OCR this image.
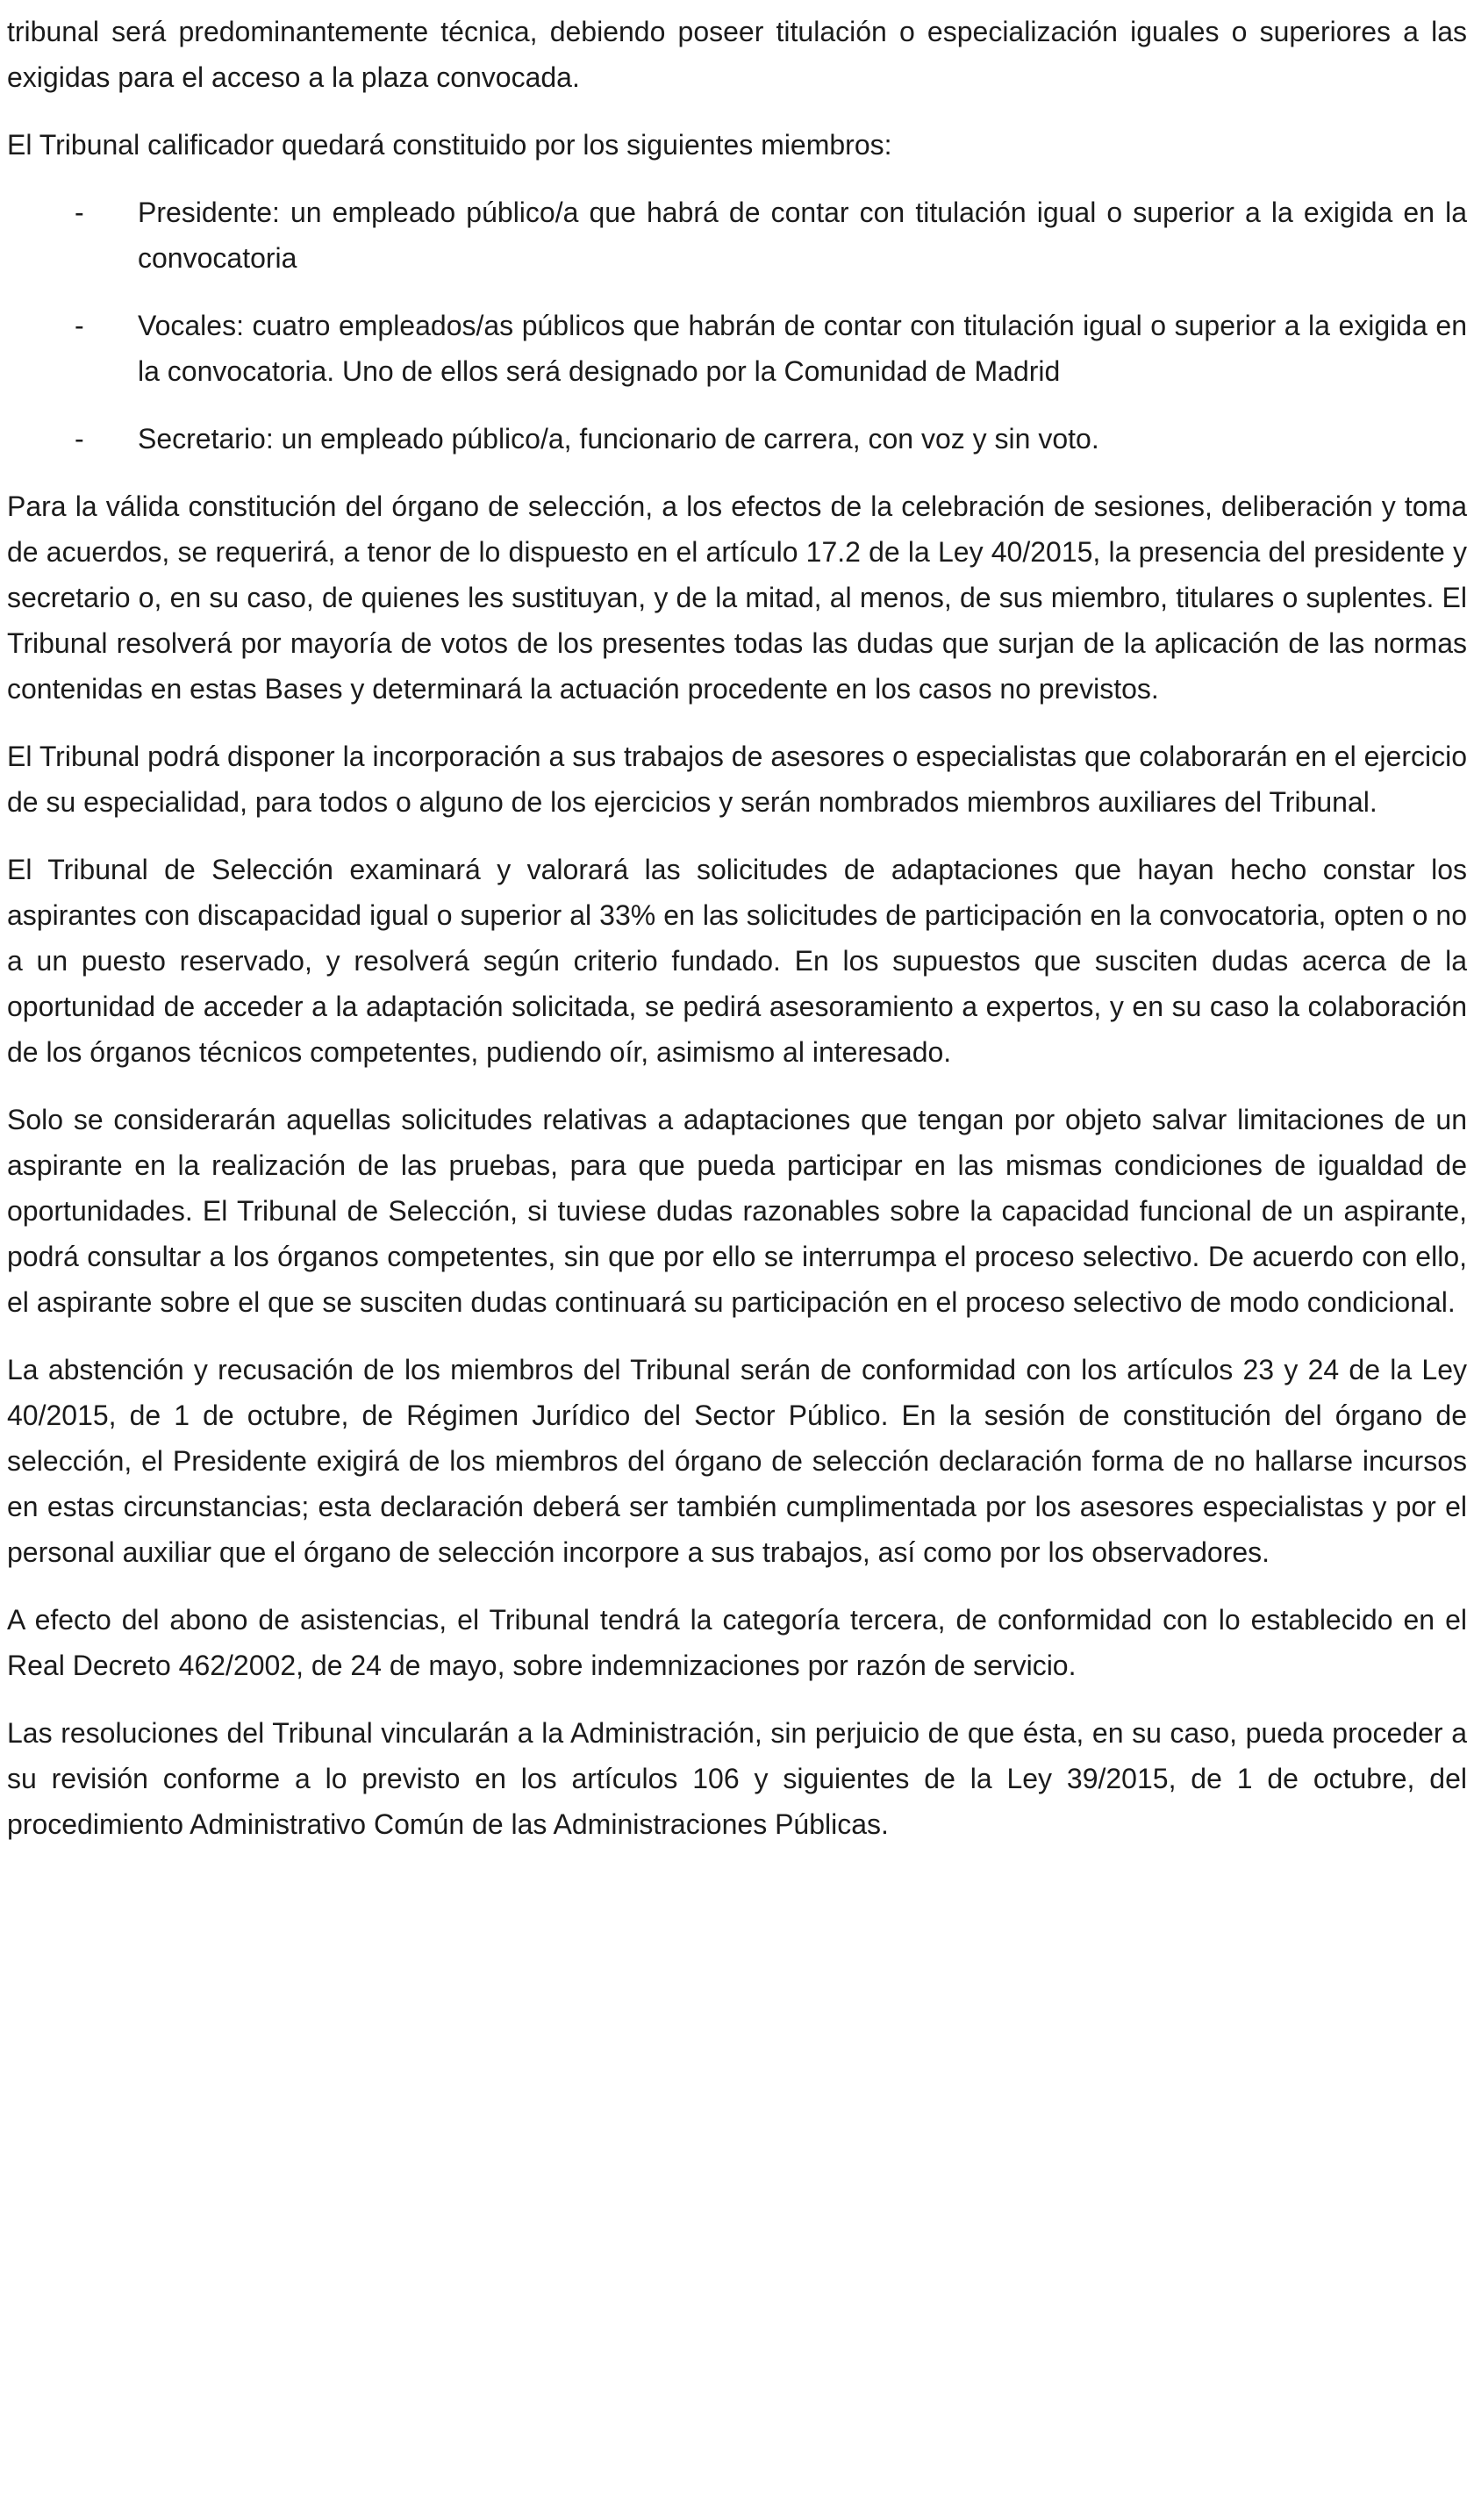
tribunal será predominantemente técnica, debiendo poseer titulación o especialización iguales o superiores a las exigidas para el acceso a la plaza convocada.

El Tribunal calificador quedará constituido por los siguientes miembros:

- Presidente: un empleado público/a que habrá de contar con titulación igual o superior a la exigida en la convocatoria
- Vocales: cuatro empleados/as públicos que habrán de contar con titulación igual o superior a la exigida en la convocatoria. Uno de ellos será designado por la Comunidad de Madrid
- Secretario: un empleado público/a, funcionario de carrera, con voz y sin voto.

Para la válida constitución del órgano de selección, a los efectos de la celebración de sesiones, deliberación y toma de acuerdos, se requerirá, a tenor de lo dispuesto en el artículo 17.2 de la Ley 40/2015, la presencia del presidente y secretario o, en su caso, de quienes les sustituyan, y de la mitad, al menos, de sus miembro, titulares o suplentes. El Tribunal resolverá por mayoría de votos de los presentes todas las dudas que surjan de la aplicación de las normas contenidas en estas Bases y determinará la actuación procedente en los casos no previstos.

El Tribunal podrá disponer la incorporación a sus trabajos de asesores o especialistas que colaborarán en el ejercicio de su especialidad, para todos o alguno de los ejercicios y serán nombrados miembros auxiliares del Tribunal.

El Tribunal de Selección examinará y valorará las solicitudes de adaptaciones que hayan hecho constar los aspirantes con discapacidad igual o superior al 33% en las solicitudes de participación en la convocatoria, opten o no a un puesto reservado, y resolverá según criterio fundado. En los supuestos que susciten dudas acerca de la oportunidad de acceder a la adaptación solicitada, se pedirá asesoramiento a expertos, y en su caso la colaboración de los órganos técnicos competentes, pudiendo oír, asimismo al interesado.

Solo se considerarán aquellas solicitudes relativas a adaptaciones que tengan por objeto salvar limitaciones de un aspirante en la realización de las pruebas, para que pueda participar en las mismas condiciones de igualdad de oportunidades. El Tribunal de Selección, si tuviese dudas razonables sobre la capacidad funcional de un aspirante, podrá consultar a los órganos competentes, sin que por ello se interrumpa el proceso selectivo. De acuerdo con ello, el aspirante sobre el que se susciten dudas continuará su participación en el proceso selectivo de modo condicional.

La abstención y recusación de los miembros del Tribunal serán de conformidad con los artículos 23 y 24 de la Ley 40/2015, de 1 de octubre, de Régimen Jurídico del Sector Público. En la sesión de constitución del órgano de selección, el Presidente exigirá de los miembros del órgano de selección declaración forma de no hallarse incursos en estas circunstancias; esta declaración deberá ser también cumplimentada por los asesores especialistas y por el personal auxiliar que el órgano de selección incorpore a sus trabajos, así como por los observadores.

A efecto del abono de asistencias, el Tribunal tendrá la categoría tercera, de conformidad con lo establecido en el Real Decreto 462/2002, de 24 de mayo, sobre indemnizaciones por razón de servicio.

Las resoluciones del Tribunal vincularán a la Administración, sin perjuicio de que ésta, en su caso, pueda proceder a su revisión conforme a lo previsto en los artículos 106 y siguientes de la Ley 39/2015, de 1 de octubre, del procedimiento Administrativo Común de las Administraciones Públicas.
